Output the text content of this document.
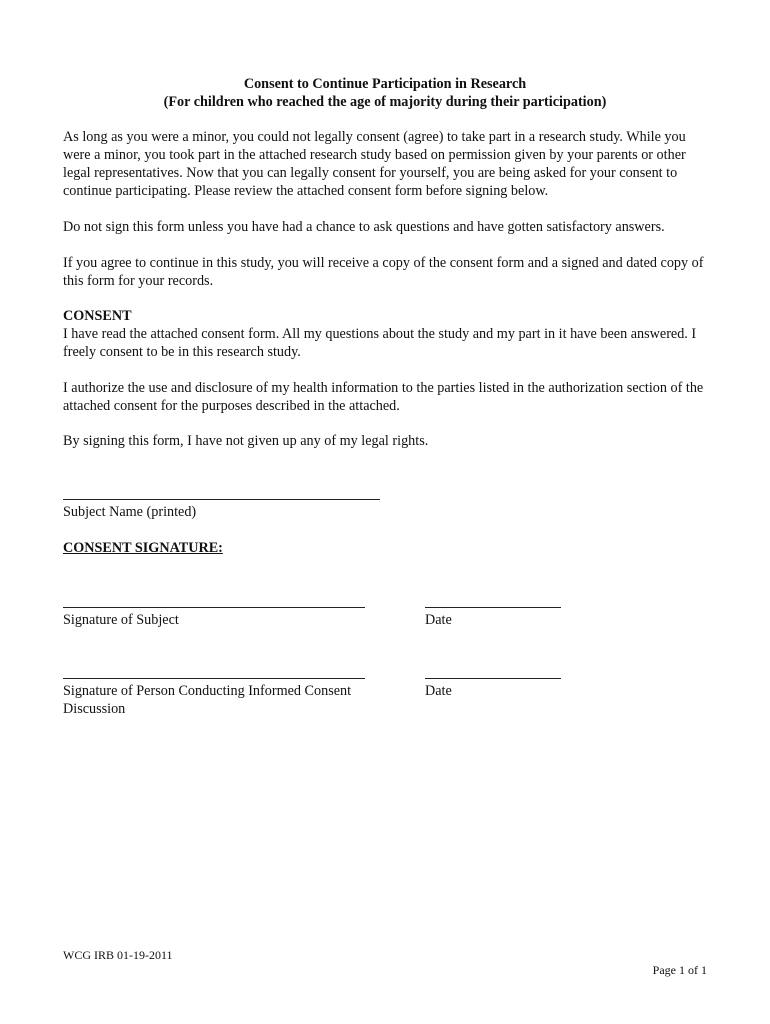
Consent to Continue Participation in Research
(For children who reached the age of majority during their participation)

As long as you were a minor, you could not legally consent (agree) to take part in a research study. While you were a minor, you took part in the attached research study based on permission given by your parents or other legal representatives. Now that you can legally consent for yourself, you are being asked for your consent to continue participating. Please review the attached consent form before signing below.

Do not sign this form unless you have had a chance to ask questions and have gotten satisfactory answers.

If you agree to continue in this study, you will receive a copy of the consent form and a signed and dated copy of this form for your records.

CONSENT

I have read the attached consent form. All my questions about the study and my part in it have been answered. I freely consent to be in this research study.

I authorize the use and disclosure of my health information to the parties listed in the authorization section of the attached consent for the purposes described in the attached.

By signing this form, I have not given up any of my legal rights.

Subject Name (printed)
CONSENT SIGNATURE:
Signature of Subject	Date
Signature of Person Conducting Informed Consent Discussion
Date
WCG IRB 01-19-2011
Page 1 of 1
